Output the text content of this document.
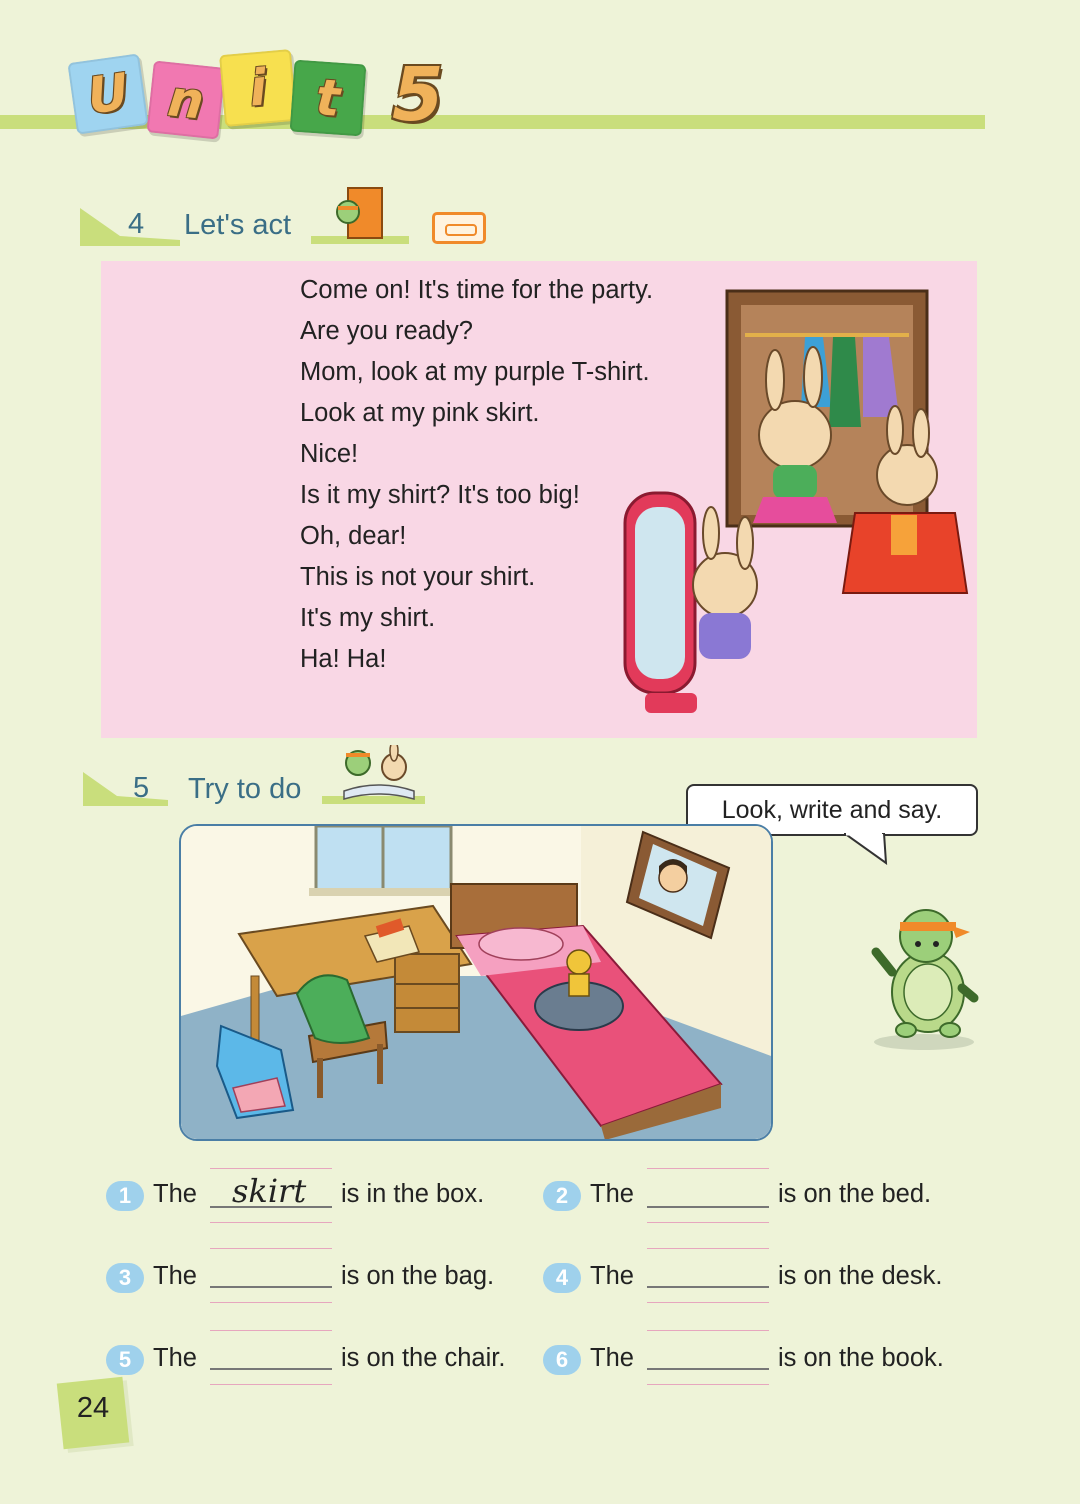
U n i t 5
4 Let's act
Come on! It's time for the party.
Are you ready?
Mom, look at my purple T-shirt.
Look at my pink skirt.
Nice!
Is it my shirt? It's too big!
Oh, dear!
This is not your shirt.
It's my shirt.
Ha! Ha!
5 Try to do
Look, write and say.
1 The skirt is in the box.	2 The	is on the bed.
3 The	is on the bag.	4 The	is on the desk.
5 The	is on the chair.	6 The	is on the book.
24
